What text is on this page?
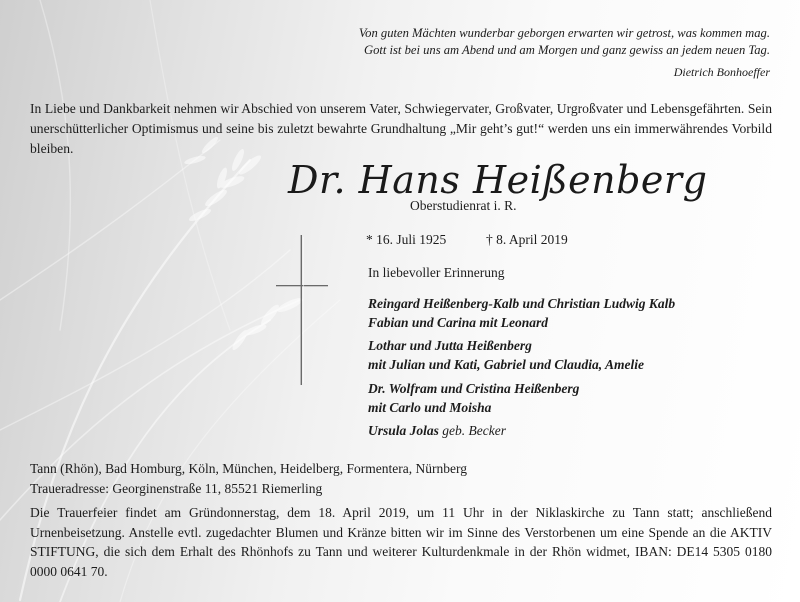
Von guten Mächten wunderbar geborgen erwarten wir getrost, was kommen mag.
Gott ist bei uns am Abend und am Morgen und ganz gewiss an jedem neuen Tag.
Dietrich Bonhoeffer
In Liebe und Dankbarkeit nehmen wir Abschied von unserem Vater, Schwiegervater, Großvater, Urgroßvater und Lebensgefährten. Sein unerschütterlicher Optimismus und seine bis zuletzt bewahrte Grundhaltung „Mir geht’s gut!“ werden uns ein immerwährendes Vorbild bleiben.
Dr. Hans Heißenberg
Oberstudienrat i. R.
* 16. Juli 1925	† 8. April 2019
In liebevoller Erinnerung
Reingard Heißenberg-Kalb und Christian Ludwig Kalb
Fabian und Carina mit Leonard
Lothar und Jutta Heißenberg
mit Julian und Kati, Gabriel und Claudia, Amelie
Dr. Wolfram und Cristina Heißenberg
mit Carlo und Moisha
Ursula Jolas geb. Becker
Tann (Rhön), Bad Homburg, Köln, München, Heidelberg, Formentera, Nürnberg
Traueradresse: Georginenstraße 11, 85521 Riemerling
Die Trauerfeier findet am Gründonnerstag, dem 18. April 2019, um 11 Uhr in der Niklaskirche zu Tann statt; anschließend Urnenbeisetzung. Anstelle evtl. zugedachter Blumen und Kränze bitten wir im Sinne des Verstorbenen um eine Spende an die AKTIV STIFTUNG, die sich dem Erhalt des Rhönhofs zu Tann und weiterer Kulturdenkmale in der Rhön widmet, IBAN: DE14 5305 0180 0000 0641 70.
